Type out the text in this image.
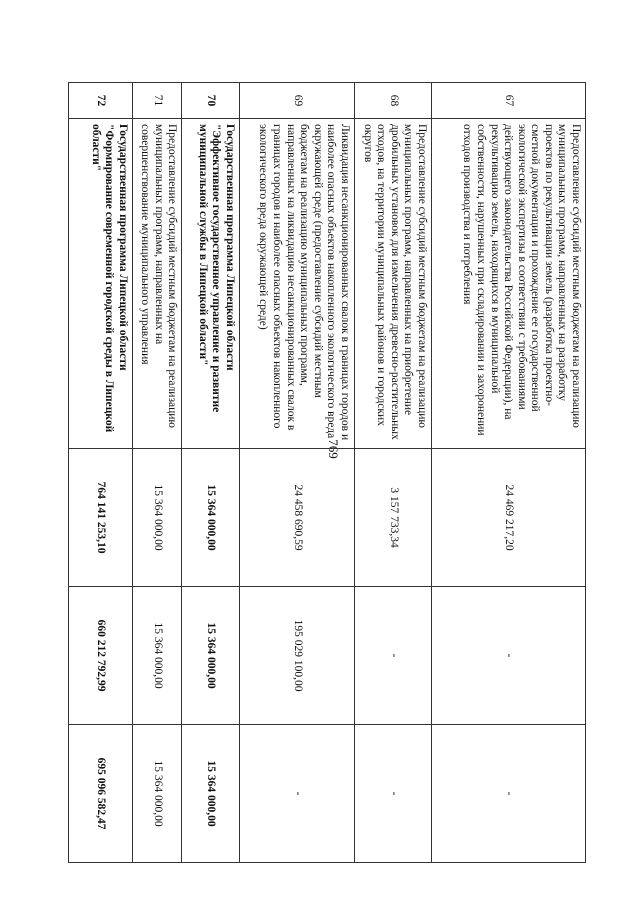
769
67	Предоставление субсидий местным бюджетам на реализацию муниципальных программ, направленных на разработку проектов по рекультивации земель (разработка проектно-сметной документации и прохождение ее государственной экологической экспертизы в соответствии с требованиями действующего законодательства Российской Федерации), на рекультивацию земель, находящихся в муниципальной собственности, нарушенных при складировании и захоронении отходов производства и потребления	24 469 217,20	-	-
68	Предоставление субсидий местным бюджетам на реализацию муниципальных программ, направленных на приобретение дробильных установок для измельчения древесно-растительных отходов, на территории муниципальных районов и городских округов	3 157 733,34	-	-
69	Ликвидация несанкционированных свалок в границах городов и наиболее опасных объектов накопленного экологического вреда окружающей среде (предоставление субсидий местным бюджетам на реализацию муниципальных программ, направленных на ликвидацию несанкционированных свалок в границах городов и наиболее опасных объектов накопленного экологического вреда окружающей среде)	24 458 690,59	195 029 100,00	-
70	Государственная программа Липецкой области "Эффективное государственное управление и развитие муниципальной службы в Липецкой области"	15 364 000,00	15 364 000,00	15 364 000,00
71	Предоставление субсидий местным бюджетам на реализацию муниципальных программ, направленных на совершенствование муниципального управления	15 364 000,00	15 364 000,00	15 364 000,00
72	Государственная программа Липецкой области "Формирование современной городской среды в Липецкой области"	764 141 253,10	660 212 792,99	695 096 582,47
